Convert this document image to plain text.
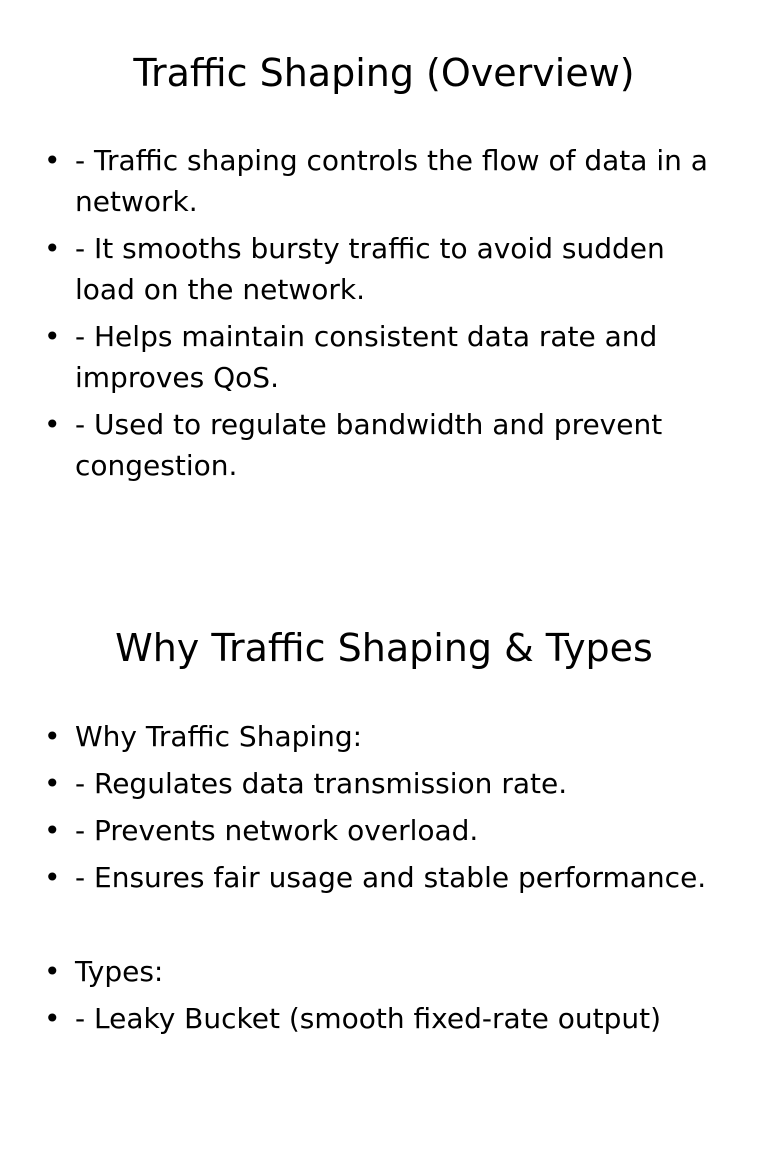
Traffic Shaping (Overview)
• - Traffic shaping controls the flow of data in a network.
• - It smooths bursty traffic to avoid sudden load on the network.
• - Helps maintain consistent data rate and improves QoS.
• - Used to regulate bandwidth and prevent congestion.
Why Traffic Shaping & Types
• Why Traffic Shaping:
• - Regulates data transmission rate.
• - Prevents network overload.
• - Ensures fair usage and stable performance.
• Types:
• - Leaky Bucket (smooth fixed-rate output)
